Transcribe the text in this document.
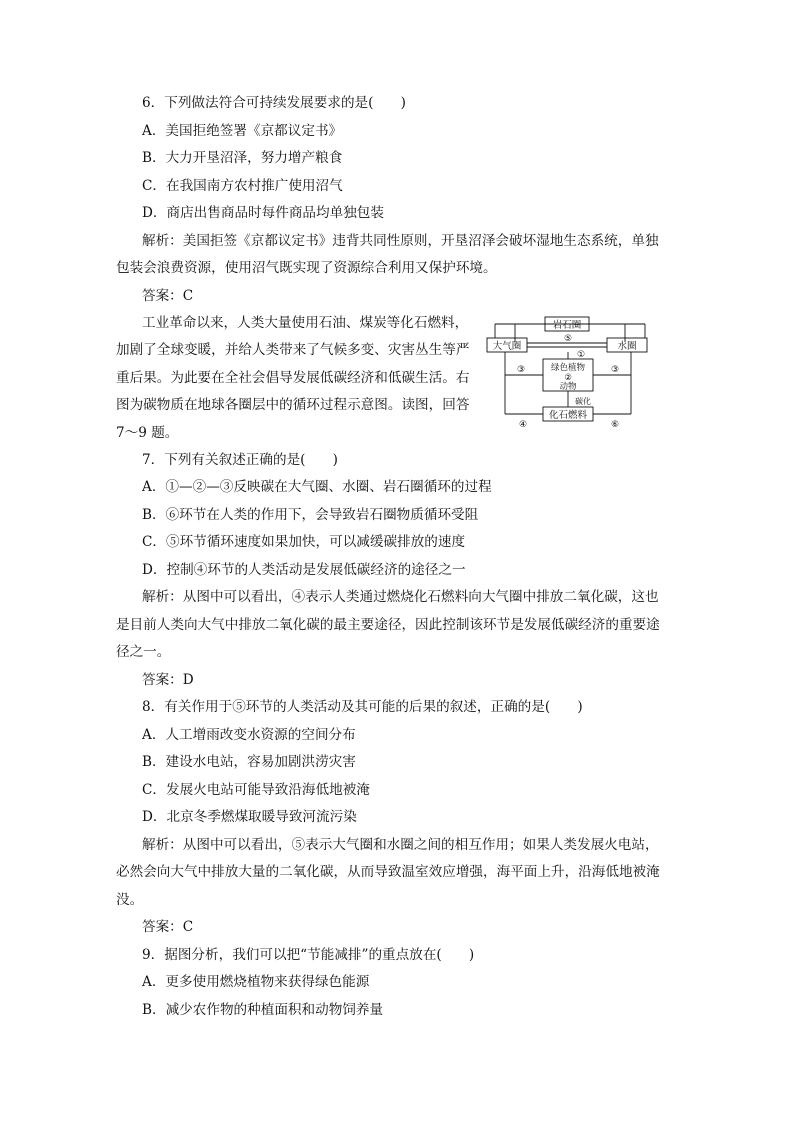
6．下列做法符合可持续发展要求的是(　　)
A．美国拒绝签署《京都议定书》
B．大力开垦沼泽，努力增产粮食
C．在我国南方农村推广使用沼气
D．商店出售商品时每件商品均单独包装
解析：美国拒签《京都议定书》违背共同性原则，开垦沼泽会破坏湿地生态系统，单独
包装会浪费资源，使用沼气既实现了资源综合利用又保护环境。
答案：C
工业革命以来，人类大量使用石油、煤炭等化石燃料，
加剧了全球变暖，并给人类带来了气候多变、灾害丛生等严
重后果。为此要在全社会倡导发展低碳经济和低碳生活。右
图为碳物质在地球各圈层中的循环过程示意图。读图，回答
7～9 题。
岩石圈
大气圈	水圈
⑤
①
绿色植物
②
动物
碳化
化石燃料
③	③
④	⑥
7．下列有关叙述正确的是(　　)
A．①—②—③反映碳在大气圈、水圈、岩石圈循环的过程
B．⑥环节在人类的作用下，会导致岩石圈物质循环受阻
C．⑤环节循环速度如果加快，可以减缓碳排放的速度
D．控制④环节的人类活动是发展低碳经济的途径之一
解析：从图中可以看出，④表示人类通过燃烧化石燃料向大气圈中排放二氧化碳，这也
是目前人类向大气中排放二氧化碳的最主要途径，因此控制该环节是发展低碳经济的重要途
径之一。
答案：D
8．有关作用于⑤环节的人类活动及其可能的后果的叙述，正确的是(　　)
A．人工增雨改变水资源的空间分布
B．建设水电站，容易加剧洪涝灾害
C．发展火电站可能导致沿海低地被淹
D．北京冬季燃煤取暖导致河流污染
解析：从图中可以看出，⑤表示大气圈和水圈之间的相互作用；如果人类发展火电站，
必然会向大气中排放大量的二氧化碳，从而导致温室效应增强，海平面上升，沿海低地被淹
没。
答案：C
9．据图分析，我们可以把“节能减排”的重点放在(　　)
A．更多使用燃烧植物来获得绿色能源
B．减少农作物的种植面积和动物饲养量
